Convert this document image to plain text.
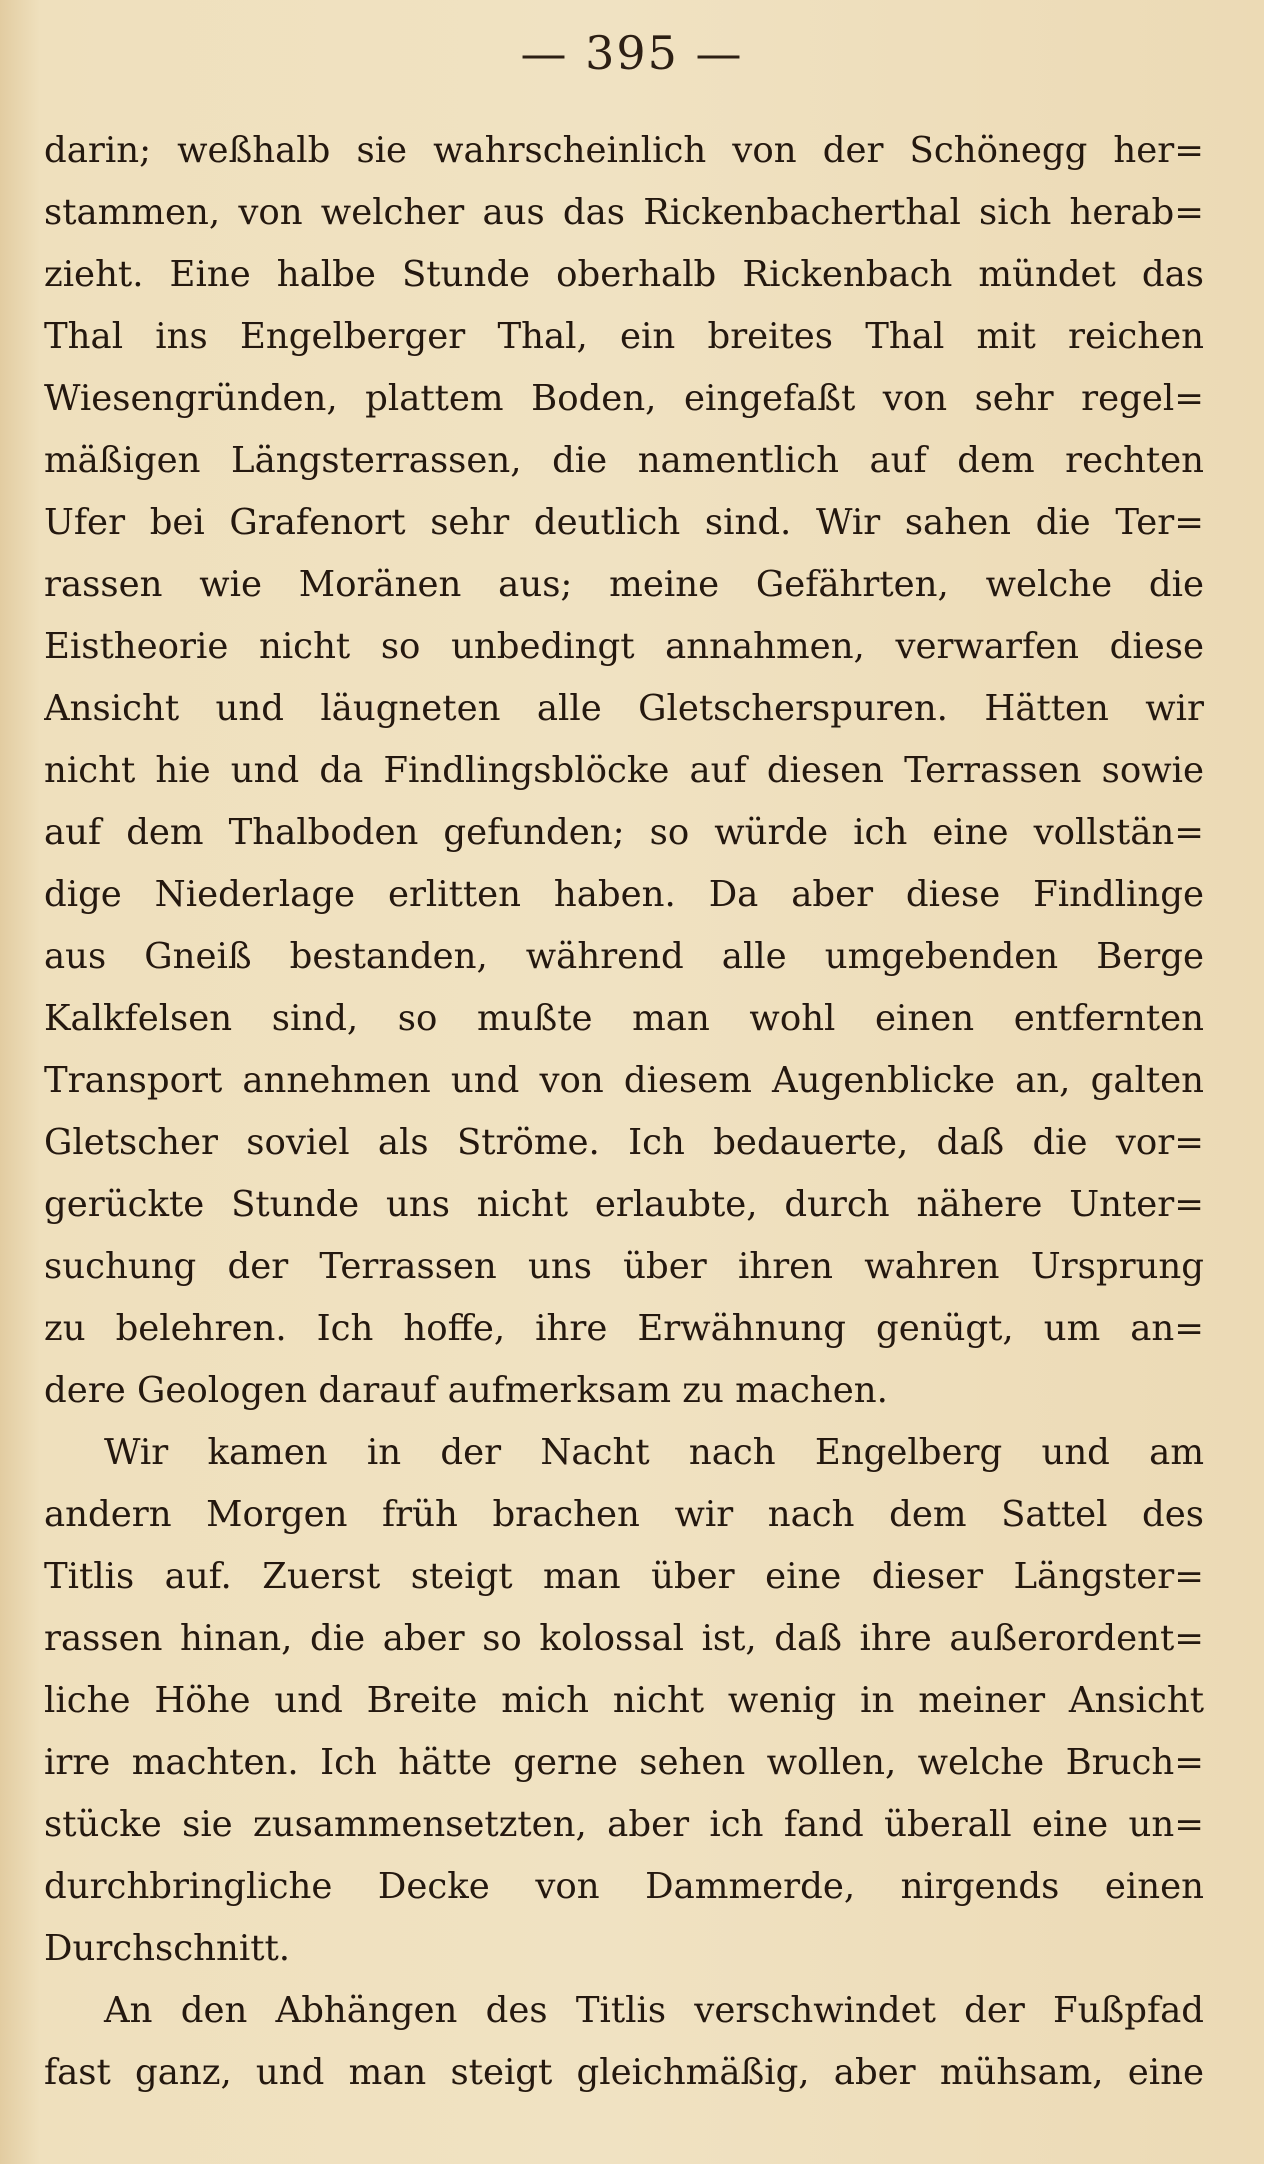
— 395 —
darin; weßhalb sie wahrscheinlich von der Schönegg her=
stammen, von welcher aus das Rickenbacherthal sich herab=
zieht. Eine halbe Stunde oberhalb Rickenbach mündet das
Thal ins Engelberger Thal, ein breites Thal mit reichen
Wiesengründen, plattem Boden, eingefaßt von sehr regel=
mäßigen Längsterrassen, die namentlich auf dem rechten
Ufer bei Grafenort sehr deutlich sind. Wir sahen die Ter=
rassen wie Moränen aus; meine Gefährten, welche die
Eistheorie nicht so unbedingt annahmen, verwarfen diese
Ansicht und läugneten alle Gletscherspuren. Hätten wir
nicht hie und da Findlingsblöcke auf diesen Terrassen sowie
auf dem Thalboden gefunden; so würde ich eine vollstän=
dige Niederlage erlitten haben. Da aber diese Findlinge
aus Gneiß bestanden, während alle umgebenden Berge
Kalkfelsen sind, so mußte man wohl einen entfernten
Transport annehmen und von diesem Augenblicke an, galten
Gletscher soviel als Ströme. Ich bedauerte, daß die vor=
gerückte Stunde uns nicht erlaubte, durch nähere Unter=
suchung der Terrassen uns über ihren wahren Ursprung
zu belehren. Ich hoffe, ihre Erwähnung genügt, um an=
dere Geologen darauf aufmerksam zu machen.
Wir kamen in der Nacht nach Engelberg und am
andern Morgen früh brachen wir nach dem Sattel des
Titlis auf. Zuerst steigt man über eine dieser Längster=
rassen hinan, die aber so kolossal ist, daß ihre außerordent=
liche Höhe und Breite mich nicht wenig in meiner Ansicht
irre machten. Ich hätte gerne sehen wollen, welche Bruch=
stücke sie zusammensetzten, aber ich fand überall eine un=
durchbringliche Decke von Dammerde, nirgends einen
Durchschnitt.
An den Abhängen des Titlis verschwindet der Fußpfad
fast ganz, und man steigt gleichmäßig, aber mühsam, eine
